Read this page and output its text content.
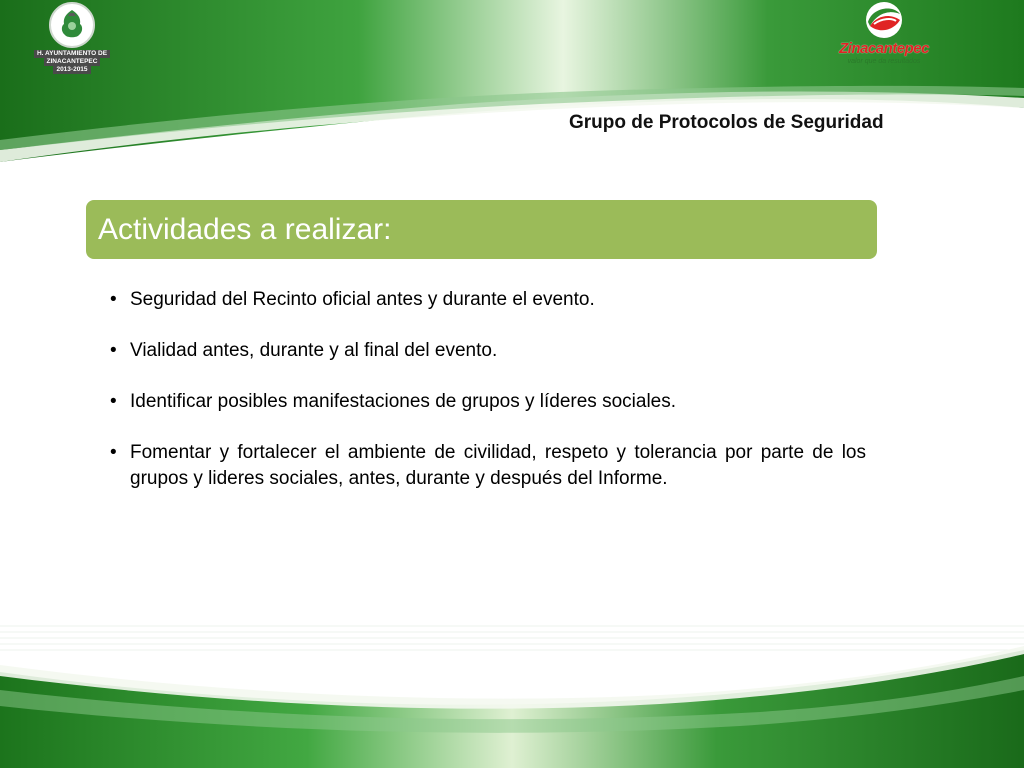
H. AYUNTAMIENTO DE ZINACANTEPEC 2013-2015
Zinacantepec
valor que da resultados
Grupo de Protocolos de Seguridad
Actividades a realizar:
• Seguridad del Recinto oficial antes y durante el evento.
• Vialidad antes, durante y al final del evento.
• Identificar posibles manifestaciones de grupos y líderes sociales.
• Fomentar y fortalecer el ambiente de civilidad, respeto y tolerancia por parte de los grupos y lideres sociales, antes, durante y después del Informe.
